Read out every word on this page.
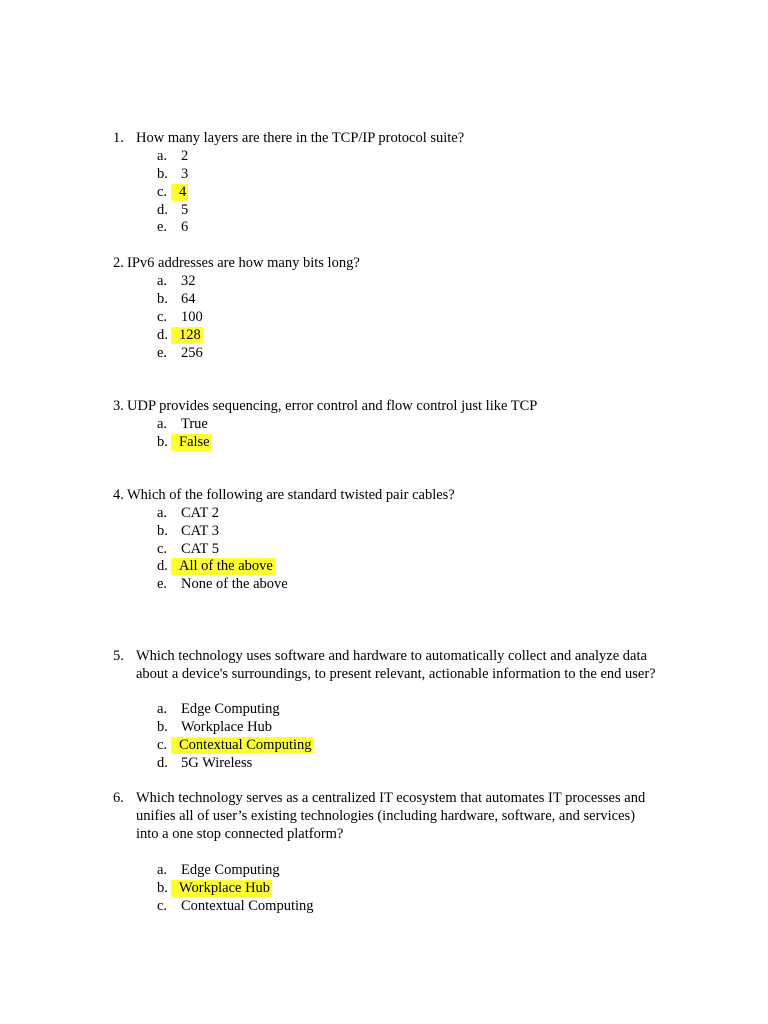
1. How many layers are there in the TCP/IP protocol suite?
a. 2
b. 3
c. 4
d. 5
e. 6
2. IPv6 addresses are how many bits long?
a. 32
b. 64
c. 100
d. 128
e. 256
3. UDP provides sequencing, error control and flow control just like TCP
a. True
b. False
4. Which of the following are standard twisted pair cables?
a. CAT 2
b. CAT 3
c. CAT 5
d. All of the above
e. None of the above
5. Which technology uses software and hardware to automatically collect and analyze data
about a device's surroundings, to present relevant, actionable information to the end user?
a. Edge Computing
b. Workplace Hub
c. Contextual Computing
d. 5G Wireless
6. Which technology serves as a centralized IT ecosystem that automates IT processes and
unifies all of user’s existing technologies (including hardware, software, and services)
into a one stop connected platform?
a. Edge Computing
b. Workplace Hub
c. Contextual Computing
